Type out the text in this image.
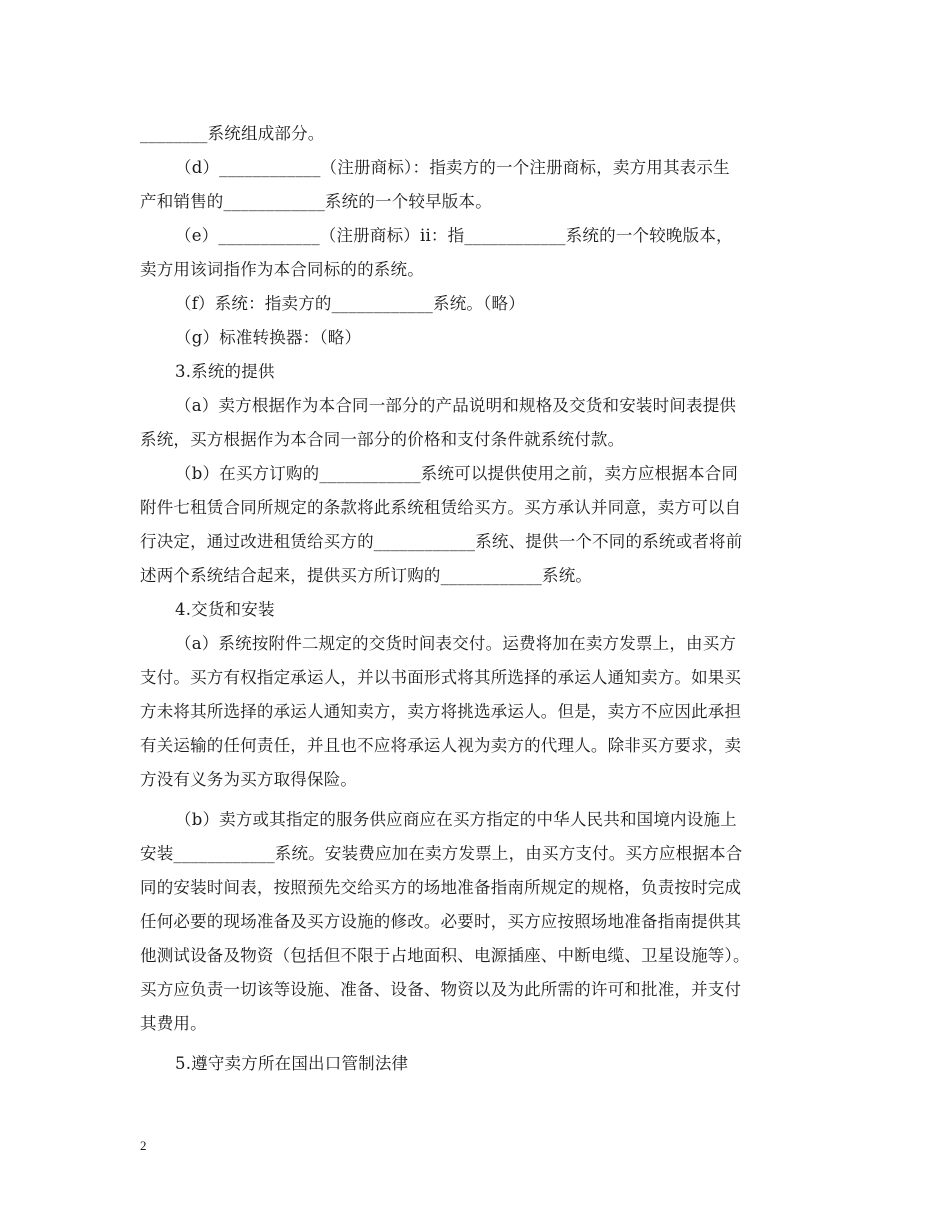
________系统组成部分。
（d）____________（注册商标）：指卖方的一个注册商标，卖方用其表示生
产和销售的____________系统的一个较早版本。
（e）____________（注册商标）ii：指____________系统的一个较晚版本，
卖方用该词指作为本合同标的的系统。
（f）系统：指卖方的____________系统。（略）
（g）标准转换器：（略）
3.系统的提供
（a）卖方根据作为本合同一部分的产品说明和规格及交货和安装时间表提供
系统，买方根据作为本合同一部分的价格和支付条件就系统付款。
（b）在买方订购的____________系统可以提供使用之前，卖方应根据本合同
附件七租赁合同所规定的条款将此系统租赁给买方。买方承认并同意，卖方可以自
行决定，通过改进租赁给买方的____________系统、提供一个不同的系统或者将前
述两个系统结合起来，提供买方所订购的____________系统。
4.交货和安装
（a）系统按附件二规定的交货时间表交付。运费将加在卖方发票上，由买方
支付。买方有权指定承运人，并以书面形式将其所选择的承运人通知卖方。如果买
方未将其所选择的承运人通知卖方，卖方将挑选承运人。但是，卖方不应因此承担
有关运输的任何责任，并且也不应将承运人视为卖方的代理人。除非买方要求，卖
方没有义务为买方取得保险。
（b）卖方或其指定的服务供应商应在买方指定的中华人民共和国境内设施上
安装____________系统。安装费应加在卖方发票上，由买方支付。买方应根据本合
同的安装时间表，按照预先交给买方的场地准备指南所规定的规格，负责按时完成
任何必要的现场准备及买方设施的修改。必要时，买方应按照场地准备指南提供其
他测试设备及物资（包括但不限于占地面积、电源插座、中断电缆、卫星设施等）。
买方应负责一切该等设施、准备、设备、物资以及为此所需的许可和批准，并支付
其费用。
5.遵守卖方所在国出口管制法律
2
